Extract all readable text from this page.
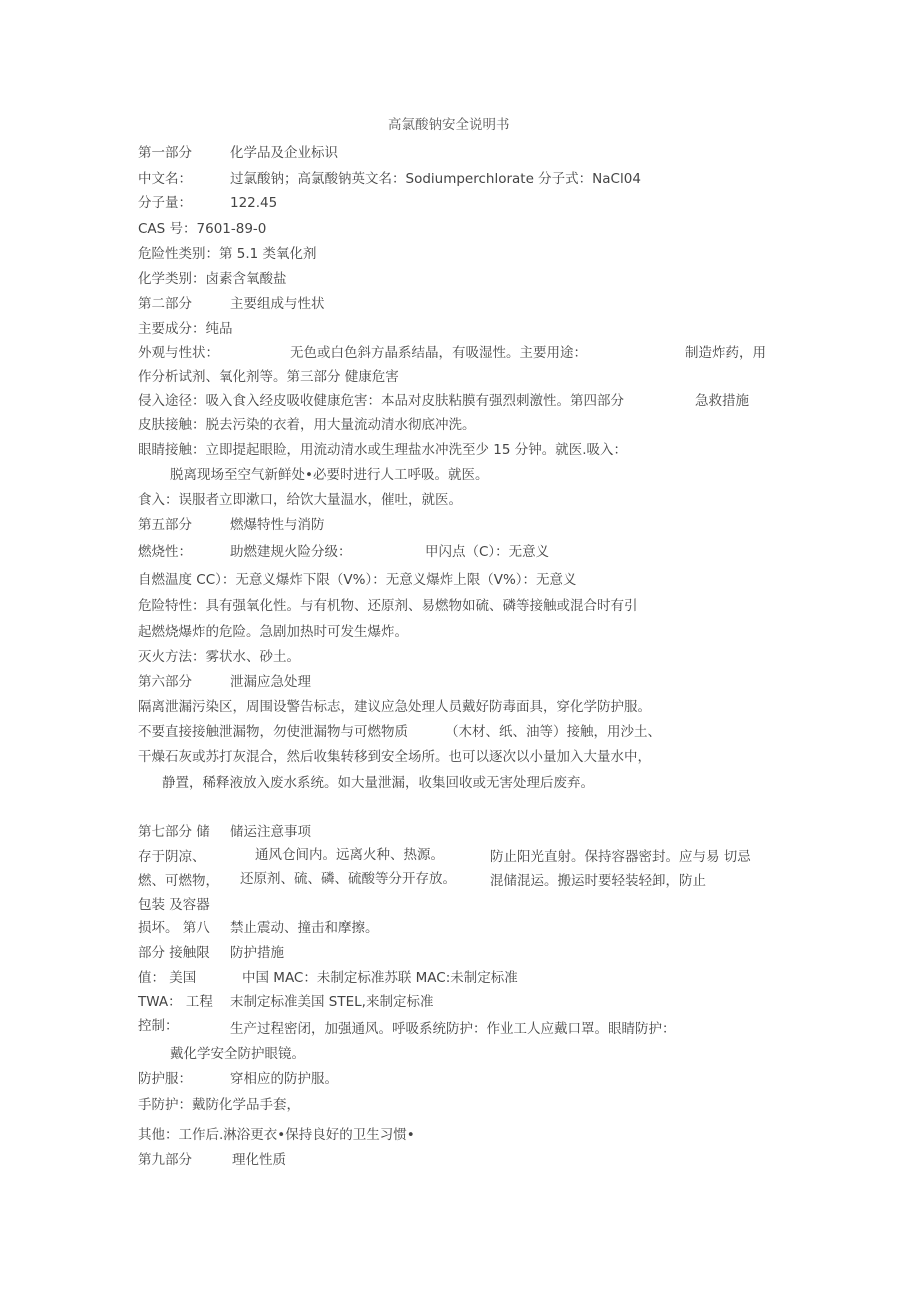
高氯酸钠安全说明书
第一部分	化学品及企业标识
中文名：	过氯酸钠；高氯酸钠英文名：Sodiumperchlorate 分子式：NaCl04
分子量：	122.45
CAS 号：7601-89-0
危险性类别：第 5.1 类氧化剂
化学类别：卤素含氧酸盐
第二部分	主要组成与性状
主要成分：纯品
外观与性状：	无色或白色斜方晶系结晶，有吸湿性。主要用途：	制造炸药，用
作分析试剂、氧化剂等。第三部分 健康危害
侵入途径：吸入食入经皮吸收健康危害：本品对皮肤粘膜有强烈刺激性。第四部分	急救措施
皮肤接触：脱去污染的衣着，用大量流动清水彻底冲洗。
眼睛接触：立即提起眼睑，用流动清水或生理盐水冲洗至少 15 分钟。就医.吸入：
脱离现场至空气新鲜处•必要时进行人工呼吸。就医。
食入：误服者立即漱口，给饮大量温水，催吐，就医。
第五部分	燃爆特性与消防
燃烧性：	助燃建规火险分级：	甲闪点（C）：无意义
自燃温度 CC）：无意义爆炸下限（V%）：无意义爆炸上限（V%）：无意义
危险特性：具有强氧化性。与有机物、还原剂、易燃物如硫、磷等接触或混合时有引
起燃烧爆炸的危险。急剧加热时可发生爆炸。
灭火方法：雾状水、砂土。
第六部分	泄漏应急处理
隔离泄漏污染区，周围设警告标志，建议应急处理人员戴好防毒面具，穿化学防护服。
不要直接接触泄漏物，勿使泄漏物与可燃物质	（木材、纸、油等）接触，用沙土、
干燥石灰或苏打灰混合，然后收集转移到安全场所。也可以逐次以小量加入大量水中，
静置，稀释液放入废水系统。如大量泄漏，收集回收或无害处理后废弃。
第七部分 储 储运注意事项
存于阴凉、	通风仓间内。远离火种、热源。	防止阳光直射。保持容器密封。应与易 切忌
燃、可燃物， 还原剂、硫、磷、硫酸等分开存放。	混储混运。搬运时要轻装轻卸，防止
包装 及容器
损坏。 第八 禁止震动、撞击和摩擦。
部分 接触限 防护措施
值： 美国	中国 MAC：未制定标准苏联 MAC:未制定标准
TWA： 工程 末制定标准美国 STEL,来制定标准
控制：	生产过程密闭，加强通风。呼吸系统防护：作业工人应戴口罩。眼睛防护：
戴化学安全防护眼镜。
防护服：	穿相应的防护服。
手防护：戴防化学品手套，
其他：工作后.淋浴更衣•保持良好的卫生习惯•
第九部分	理化性质
